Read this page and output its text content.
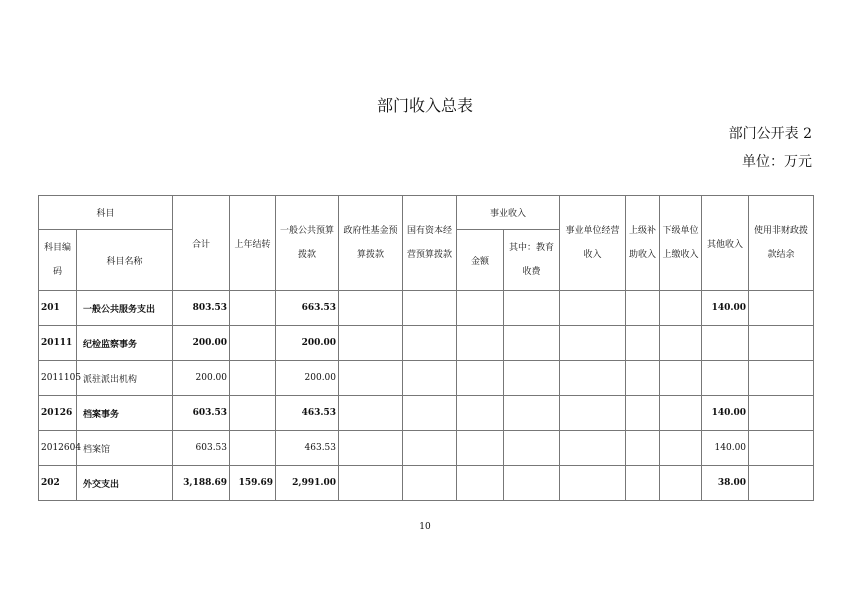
部门收入总表
部门公开表 2
单位：万元
科目		合计	上年结转	一般公共预算拨款	政府性基金预算拨款	国有资本经营预算拨款	事业收入		事业单位经营收入	上级补助收入	下级单位上缴收入	其他收入	使用非财政拨款结余
科目编码	科目名称						金额	其中：教育收费					
201	一般公共服务支出	803.53		663.53								140.00	
20111	纪检监察事务	200.00		200.00									
2011105	派驻派出机构	200.00		200.00									
20126	档案事务	603.53		463.53								140.00	
2012604	档案馆	603.53		463.53								140.00	
202	外交支出	3,188.69	159.69	2,991.00								38.00	
10
